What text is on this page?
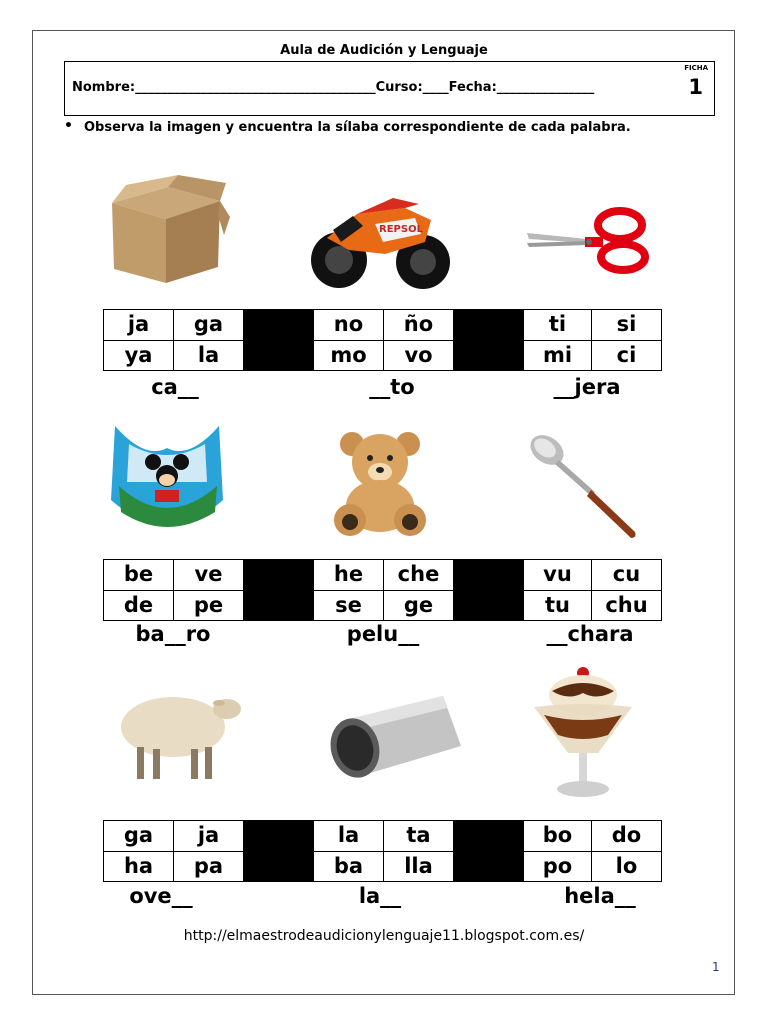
Aula de Audición y Lenguaje
Nombre:_____________________________________Curso:____Fecha:_______________
FICHA
1
• Observa la imagen y encuentra la sílaba correspondiente de cada palabra.
REPSOL
ja	ga		no	ño		ti	si
ya	la		mo	vo		mi	ci
be	ve		he	che		vu	cu
de	pe		se	ge		tu	chu
ga	ja		la	ta		bo	do
ha	pa		ba	lla		po	lo
ca__	__to	__jera
ba__ro	pelu__	__chara
ove__	la__	hela__
http://elmaestrodeaudicionylenguaje11.blogspot.com.es/
1
